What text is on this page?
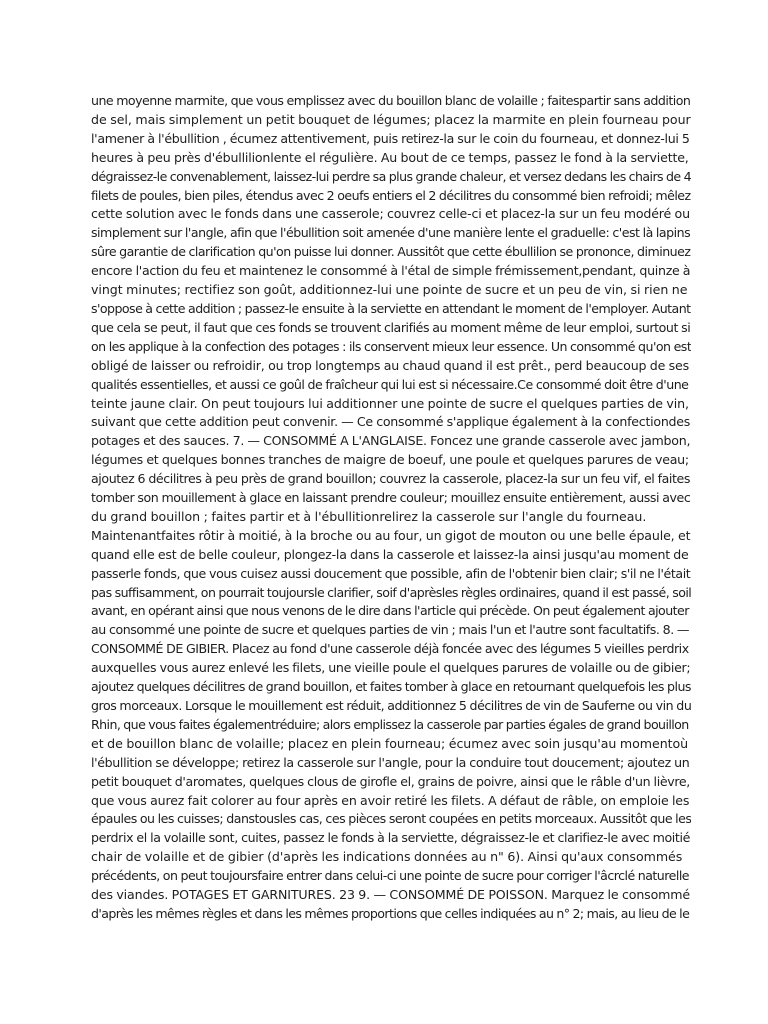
une moyenne marmite, que vous emplissez avec du bouillon blanc de volaille ; faitespartir sans addition
de sel, mais simplement un petit bouquet de légumes; placez la marmite en plein fourneau pour
l'amener à l'ébullition , écumez attentivement, puis retirez-la sur le coin du fourneau, et donnez-lui 5
heures à peu près d'ébullilionlente el régulière. Au bout de ce temps, passez le fond à la serviette,
dégraissez-le convenablement, laissez-lui perdre sa plus grande chaleur, et versez dedans les chairs de 4
filets de poules, bien piles, étendus avec 2 oeufs entiers el 2 décilitres du consommé bien refroidi; mêlez
cette solution avec le fonds dans une casserole; couvrez celle-ci et placez-la sur un feu modéré ou
simplement sur l'angle, afin que l'ébullition soit amenée d'une manière lente el graduelle: c'est là lapins
sûre garantie de clarification qu'on puisse lui donner. Aussitôt que cette ébullilion se prononce, diminuez
encore l'action du feu et maintenez le consommé à l'étal de simple frémissement,pendant, quinze à
vingt minutes; rectifiez son goût, additionnez-lui une pointe de sucre et un peu de vin, si rien ne
s'oppose à cette addition ; passez-le ensuite à la serviette en attendant le moment de l'employer. Autant
que cela se peut, il faut que ces fonds se trouvent clarifiés au moment même de leur emploi, surtout si
on les applique à la confection des potages : ils conservent mieux leur essence. Un consommé qu'on est
obligé de laisser ou refroidir, ou trop longtemps au chaud quand il est prêt., perd beaucoup de ses
qualités essentielles, et aussi ce goûl de fraîcheur qui lui est si nécessaire.Ce consommé doit être d'une
teinte jaune clair. On peut toujours lui additionner une pointe de sucre el quelques parties de vin,
suivant que cette addition peut convenir. — Ce consommé s'applique également à la confectiondes
potages et des sauces. 7. — CONSOMMÉ A L'ANGLAISE. Foncez une grande casserole avec jambon,
légumes et quelques bonnes tranches de maigre de boeuf, une poule et quelques parures de veau;
ajoutez 6 décilitres à peu près de grand bouillon; couvrez la casserole, placez-la sur un feu vif, el faites
tomber son mouillement à glace en laissant prendre couleur; mouillez ensuite entièrement, aussi avec
du grand bouillon ; faites partir et à l'ébullitionrelirez la casserole sur l'angle du fourneau.
Maintenantfaites rôtir à moitié, à la broche ou au four, un gigot de mouton ou une belle épaule, et
quand elle est de belle couleur, plongez-la dans la casserole et laissez-la ainsi jusqu'au moment de
passerle fonds, que vous cuisez aussi doucement que possible, afin de l'obtenir bien clair; s'il ne l'était
pas suffisamment, on pourrait toujoursle clarifier, soif d'aprèsles règles ordinaires, quand il est passé, soil
avant, en opérant ainsi que nous venons de le dire dans l'article qui précède. On peut également ajouter
au consommé une pointe de sucre et quelques parties de vin ; mais l'un et l'autre sont facultatifs. 8. —
CONSOMMÉ DE GIBIER. Placez au fond d'une casserole déjà foncée avec des légumes 5 vieilles perdrix
auxquelles vous aurez enlevé les filets, une vieille poule el quelques parures de volaille ou de gibier;
ajoutez quelques décilitres de grand bouillon, et faites tomber à glace en retournant quelquefois les plus
gros morceaux. Lorsque le mouillement est réduit, additionnez 5 décilitres de vin de Sauferne ou vin du
Rhin, que vous faites égalementréduire; alors emplissez la casserole par parties égales de grand bouillon
et de bouillon blanc de volaille; placez en plein fourneau; écumez avec soin jusqu'au momentoù
l'ébullition se développe; retirez la casserole sur l'angle, pour la conduire tout doucement; ajoutez un
petit bouquet d'aromates, quelques clous de girofle el, grains de poivre, ainsi que le râble d'un lièvre,
que vous aurez fait colorer au four après en avoir retiré les filets. A défaut de râble, on emploie les
épaules ou les cuisses; danstousles cas, ces pièces seront coupées en petits morceaux. Aussitôt que les
perdrix el la volaille sont, cuites, passez le fonds à la serviette, dégraissez-le et clarifiez-le avec moitié
chair de volaille et de gibier (d'après les indications données au n" 6). Ainsi qu'aux consommés
précédents, on peut toujoursfaire entrer dans celui-ci une pointe de sucre pour corriger l'âcrclé naturelle
des viandes. POTAGES ET GARNITURES. 23 9. — CONSOMMÉ DE POISSON. Marquez le consommé
d'après les mêmes règles et dans les mêmes proportions que celles indiquées au n° 2; mais, au lieu de le
